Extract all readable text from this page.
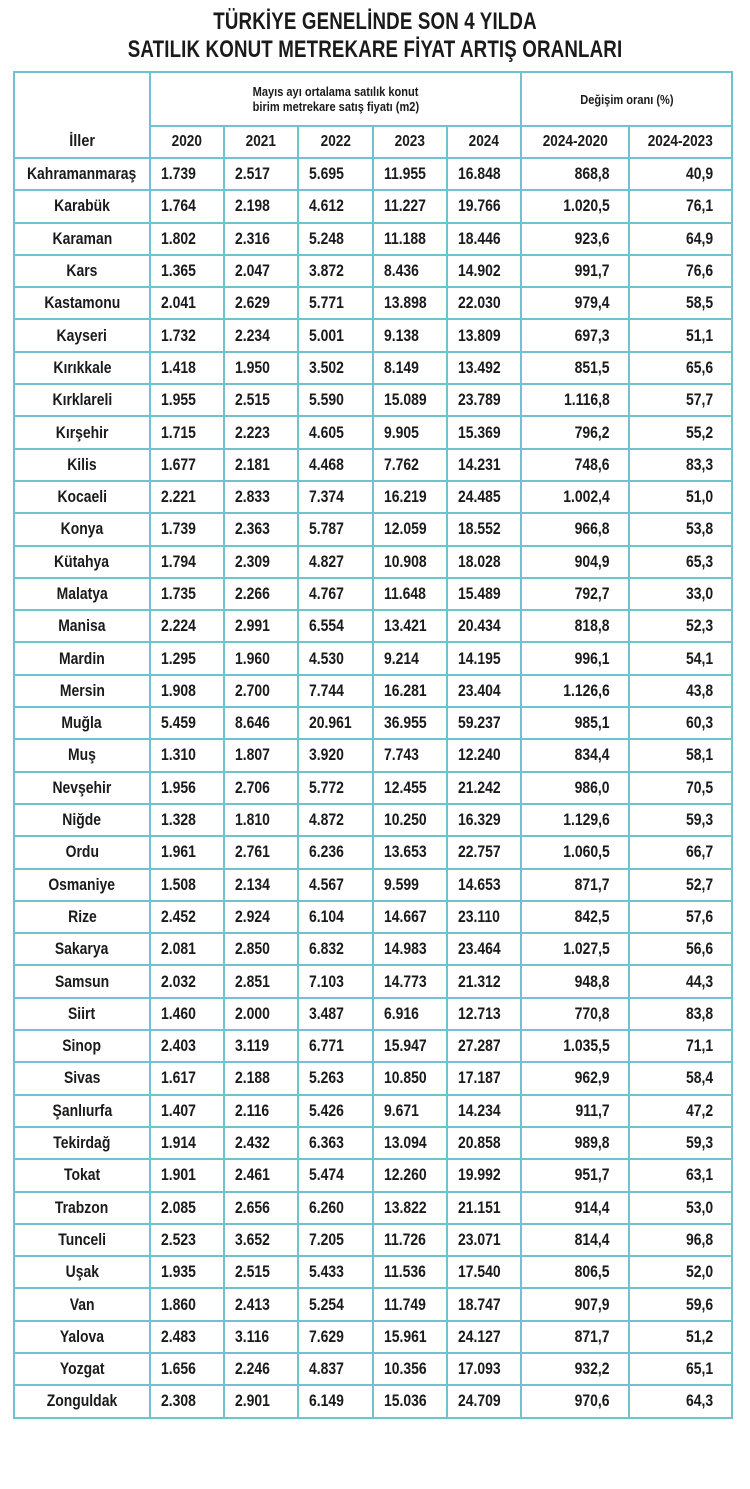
TÜRKİYE GENELİNDE SON 4 YILDA
SATILIK KONUT METREKARE FİYAT ARTIŞ ORANLARI
İller	Mayıs ayı ortalama satılık konut
birim metrekare satış fiyatı (m2)					Değişim oranı (%)	
	2020	2021	2022	2023	2024	2024-2020	2024-2023
Kahramanmaraş	1.739	2.517	5.695	11.955	16.848	868,8	40,9
Karabük	1.764	2.198	4.612	11.227	19.766	1.020,5	76,1
Karaman	1.802	2.316	5.248	11.188	18.446	923,6	64,9
Kars	1.365	2.047	3.872	8.436	14.902	991,7	76,6
Kastamonu	2.041	2.629	5.771	13.898	22.030	979,4	58,5
Kayseri	1.732	2.234	5.001	9.138	13.809	697,3	51,1
Kırıkkale	1.418	1.950	3.502	8.149	13.492	851,5	65,6
Kırklareli	1.955	2.515	5.590	15.089	23.789	1.116,8	57,7
Kırşehir	1.715	2.223	4.605	9.905	15.369	796,2	55,2
Kilis	1.677	2.181	4.468	7.762	14.231	748,6	83,3
Kocaeli	2.221	2.833	7.374	16.219	24.485	1.002,4	51,0
Konya	1.739	2.363	5.787	12.059	18.552	966,8	53,8
Kütahya	1.794	2.309	4.827	10.908	18.028	904,9	65,3
Malatya	1.735	2.266	4.767	11.648	15.489	792,7	33,0
Manisa	2.224	2.991	6.554	13.421	20.434	818,8	52,3
Mardin	1.295	1.960	4.530	9.214	14.195	996,1	54,1
Mersin	1.908	2.700	7.744	16.281	23.404	1.126,6	43,8
Muğla	5.459	8.646	20.961	36.955	59.237	985,1	60,3
Muş	1.310	1.807	3.920	7.743	12.240	834,4	58,1
Nevşehir	1.956	2.706	5.772	12.455	21.242	986,0	70,5
Niğde	1.328	1.810	4.872	10.250	16.329	1.129,6	59,3
Ordu	1.961	2.761	6.236	13.653	22.757	1.060,5	66,7
Osmaniye	1.508	2.134	4.567	9.599	14.653	871,7	52,7
Rize	2.452	2.924	6.104	14.667	23.110	842,5	57,6
Sakarya	2.081	2.850	6.832	14.983	23.464	1.027,5	56,6
Samsun	2.032	2.851	7.103	14.773	21.312	948,8	44,3
Siirt	1.460	2.000	3.487	6.916	12.713	770,8	83,8
Sinop	2.403	3.119	6.771	15.947	27.287	1.035,5	71,1
Sivas	1.617	2.188	5.263	10.850	17.187	962,9	58,4
Şanlıurfa	1.407	2.116	5.426	9.671	14.234	911,7	47,2
Tekirdağ	1.914	2.432	6.363	13.094	20.858	989,8	59,3
Tokat	1.901	2.461	5.474	12.260	19.992	951,7	63,1
Trabzon	2.085	2.656	6.260	13.822	21.151	914,4	53,0
Tunceli	2.523	3.652	7.205	11.726	23.071	814,4	96,8
Uşak	1.935	2.515	5.433	11.536	17.540	806,5	52,0
Van	1.860	2.413	5.254	11.749	18.747	907,9	59,6
Yalova	2.483	3.116	7.629	15.961	24.127	871,7	51,2
Yozgat	1.656	2.246	4.837	10.356	17.093	932,2	65,1
Zonguldak	2.308	2.901	6.149	15.036	24.709	970,6	64,3
